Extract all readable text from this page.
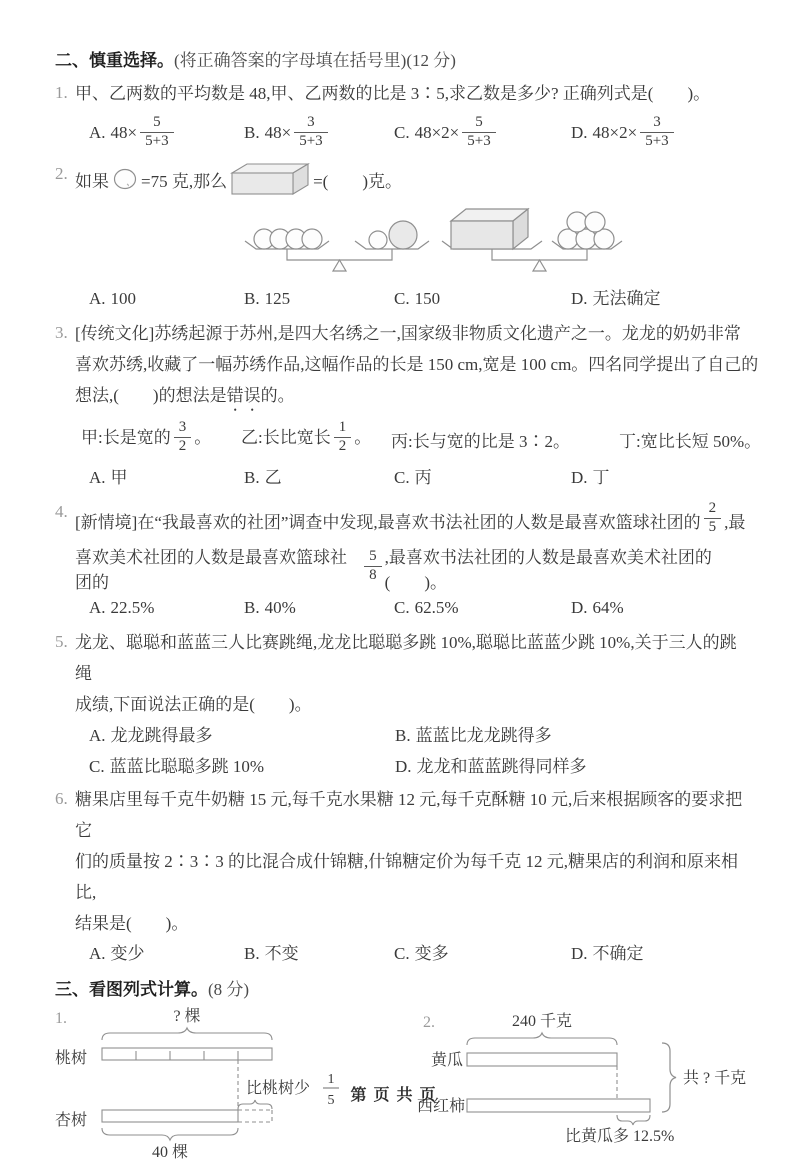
二、慎重选择。(将正确答案的字母填在括号里)(12 分)
1. 甲、乙两数的平均数是 48,甲、乙两数的比是 3∶5,求乙数是多少? 正确列式是(　　)。
A. $48\times \frac{5}{5+3}$	B. $48\times \frac{3}{5+3}$	C. $48\times 2\times \frac{5}{5+3}$	D. $48\times 2\times \frac{3}{5+3}$
2. 如果 =75 克,那么	=(　　)克。
A. 100	B. 125	C. 150	D. 无法确定
3. [传统文化]苏绣起源于苏州,是四大名绣之一,国家级非物质文化遗产之一。龙龙的奶奶非常
喜欢苏绣,收藏了一幅苏绣作品,这幅作品的长是 150 cm,宽是 100 cm。四名同学提出了自己的
想法,(　　)的想法是错误的。
甲:长是宽的 $\frac{3}{2}$ 。	乙:长比宽长 $\frac{1}{2}$ 。	丙:长与宽的比是 3∶2。	丁:宽比长短 50%。
A. 甲	B. 乙	C. 丙	D. 丁
4.
[新情境]在“我最喜欢的社团”调查中发现,最喜欢书法社团的人数是最喜欢篮球社团的 $\frac{2}{5}$ ,最
喜欢美术社团的人数是最喜欢篮球社团的	$\frac{5}{8}$ ,最喜欢书法社团的人数是最喜欢美术社团的(　　)。
A. 22.5%	B. 40%	C. 62.5%	D. 64%
5. 龙龙、聪聪和蓝蓝三人比赛跳绳,龙龙比聪聪多跳 10%,聪聪比蓝蓝少跳 10%,关于三人的跳绳
成绩,下面说法正确的是(　　)。
A. 龙龙跳得最多	B. 蓝蓝比龙龙跳得多
C. 蓝蓝比聪聪多跳 10%	D. 龙龙和蓝蓝跳得同样多
6. 糖果店里每千克牛奶糖 15 元,每千克水果糖 12 元,每千克酥糖 10 元,后来根据顾客的要求把它
们的质量按 2∶3∶3 的比混合成什锦糖,什锦糖定价为每千克 12 元,糖果店的利润和原来相比,
结果是(　　)。
A. 变少	B. 不变	C. 变多	D. 不确定
三、看图列式计算。(8 分)
1.	? 棵
桃树
杏树
比桃树少
1
5
40 棵
2.	240 千克
黄瓜
西红柿
共 ? 千克
比黄瓜多 12.5%
第页共页
